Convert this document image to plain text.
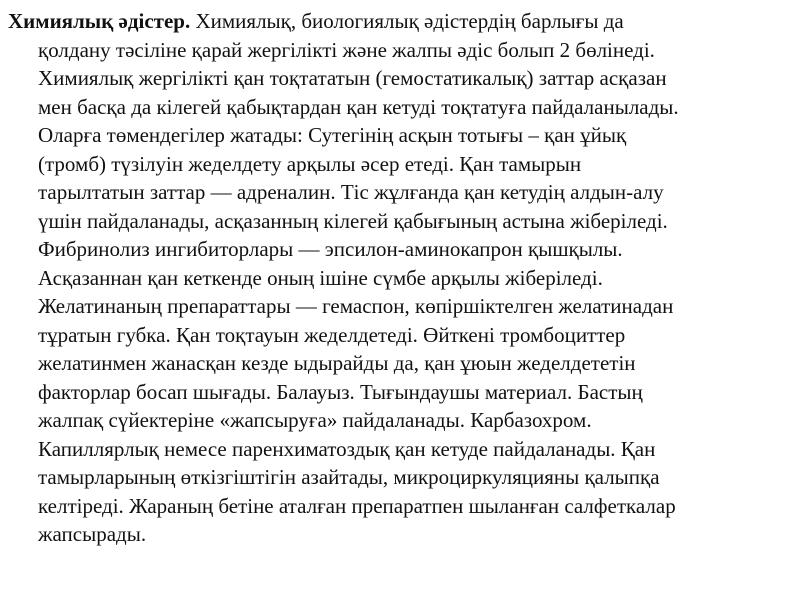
Химиялық әдістер. Химиялық, биологиялық әдістердің барлығы да
қолдану тәсіліне қарай жергілікті және жалпы әдіс болып 2 бөлінеді.
Химиялық жергілікті қан тоқтататын (гемостатикалық) заттар асқазан
мен басқа да кілегей қабықтардан қан кетуді тоқтатуға пайдаланылады.
Оларға төмендегілер жатады: Сутегінің асқын тотығы – қан ұйық
(тромб) түзілуін жеделдету арқылы әсер етеді. Қан тамырын
тарылтатын заттар — адреналин. Тіс жұлғанда қан кетудің алдын-алу
үшін пайдаланады, асқазанның кілегей қабығының астына жіберіледі.
Фибринолиз ингибиторлары — эпсилон-аминокапрон қышқылы.
Асқазаннан қан кеткенде оның ішіне сүмбе арқылы жіберіледі.
Желатинаның препараттары — гемаспон, көпіршіктелген желатинадан
тұратын губка. Қан тоқтауын жеделдетеді. Өйткені тромбоциттер
желатинмен жанасқан кезде ыдырайды да, қан ұюын жеделдететін
факторлар босап шығады. Балауыз. Тығындаушы материал. Бастың
жалпақ сүйектеріне «жапсыруға» пайдаланады. Карбазохром.
Капиллярлық немесе паренхиматоздық қан кетуде пайдаланады. Қан
тамырларының өткізгіштігін азайтады, микроциркуляцияны қалыпқа
келтіреді. Жараның бетіне аталған препаратпен шыланған салфеткалар
жапсырады.
